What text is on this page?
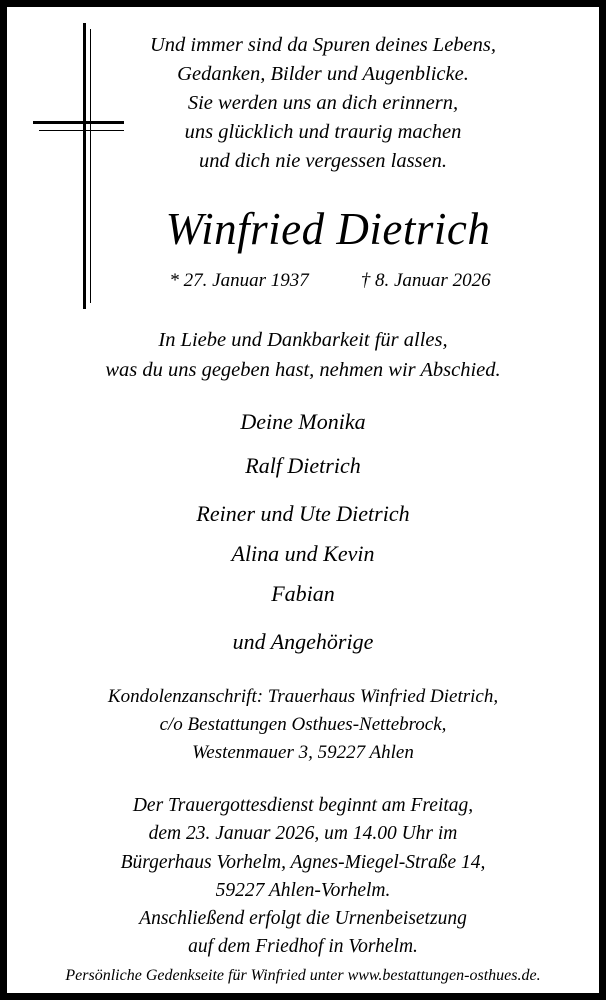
Und immer sind da Spuren deines Lebens,
Gedanken, Bilder und Augenblicke.
Sie werden uns an dich erinnern,
uns glücklich und traurig machen
und dich nie vergessen lassen.
Winfried Dietrich
* 27. Januar 1937	† 8. Januar 2026
In Liebe und Dankbarkeit für alles,
was du uns gegeben hast, nehmen wir Abschied.
Deine Monika
Ralf Dietrich
Reiner und Ute Dietrich
Alina und Kevin
Fabian
und Angehörige
Kondolenzanschrift: Trauerhaus Winfried Dietrich,
c/o Bestattungen Osthues-Nettebrock,
Westenmauer 3, 59227 Ahlen
Der Trauergottesdienst beginnt am Freitag,
dem 23. Januar 2026, um 14.00 Uhr im
Bürgerhaus Vorhelm, Agnes-Miegel-Straße 14,
59227 Ahlen-Vorhelm.
Anschließend erfolgt die Urnenbeisetzung
auf dem Friedhof in Vorhelm.
Persönliche Gedenkseite für Winfried unter www.bestattungen-osthues.de.
